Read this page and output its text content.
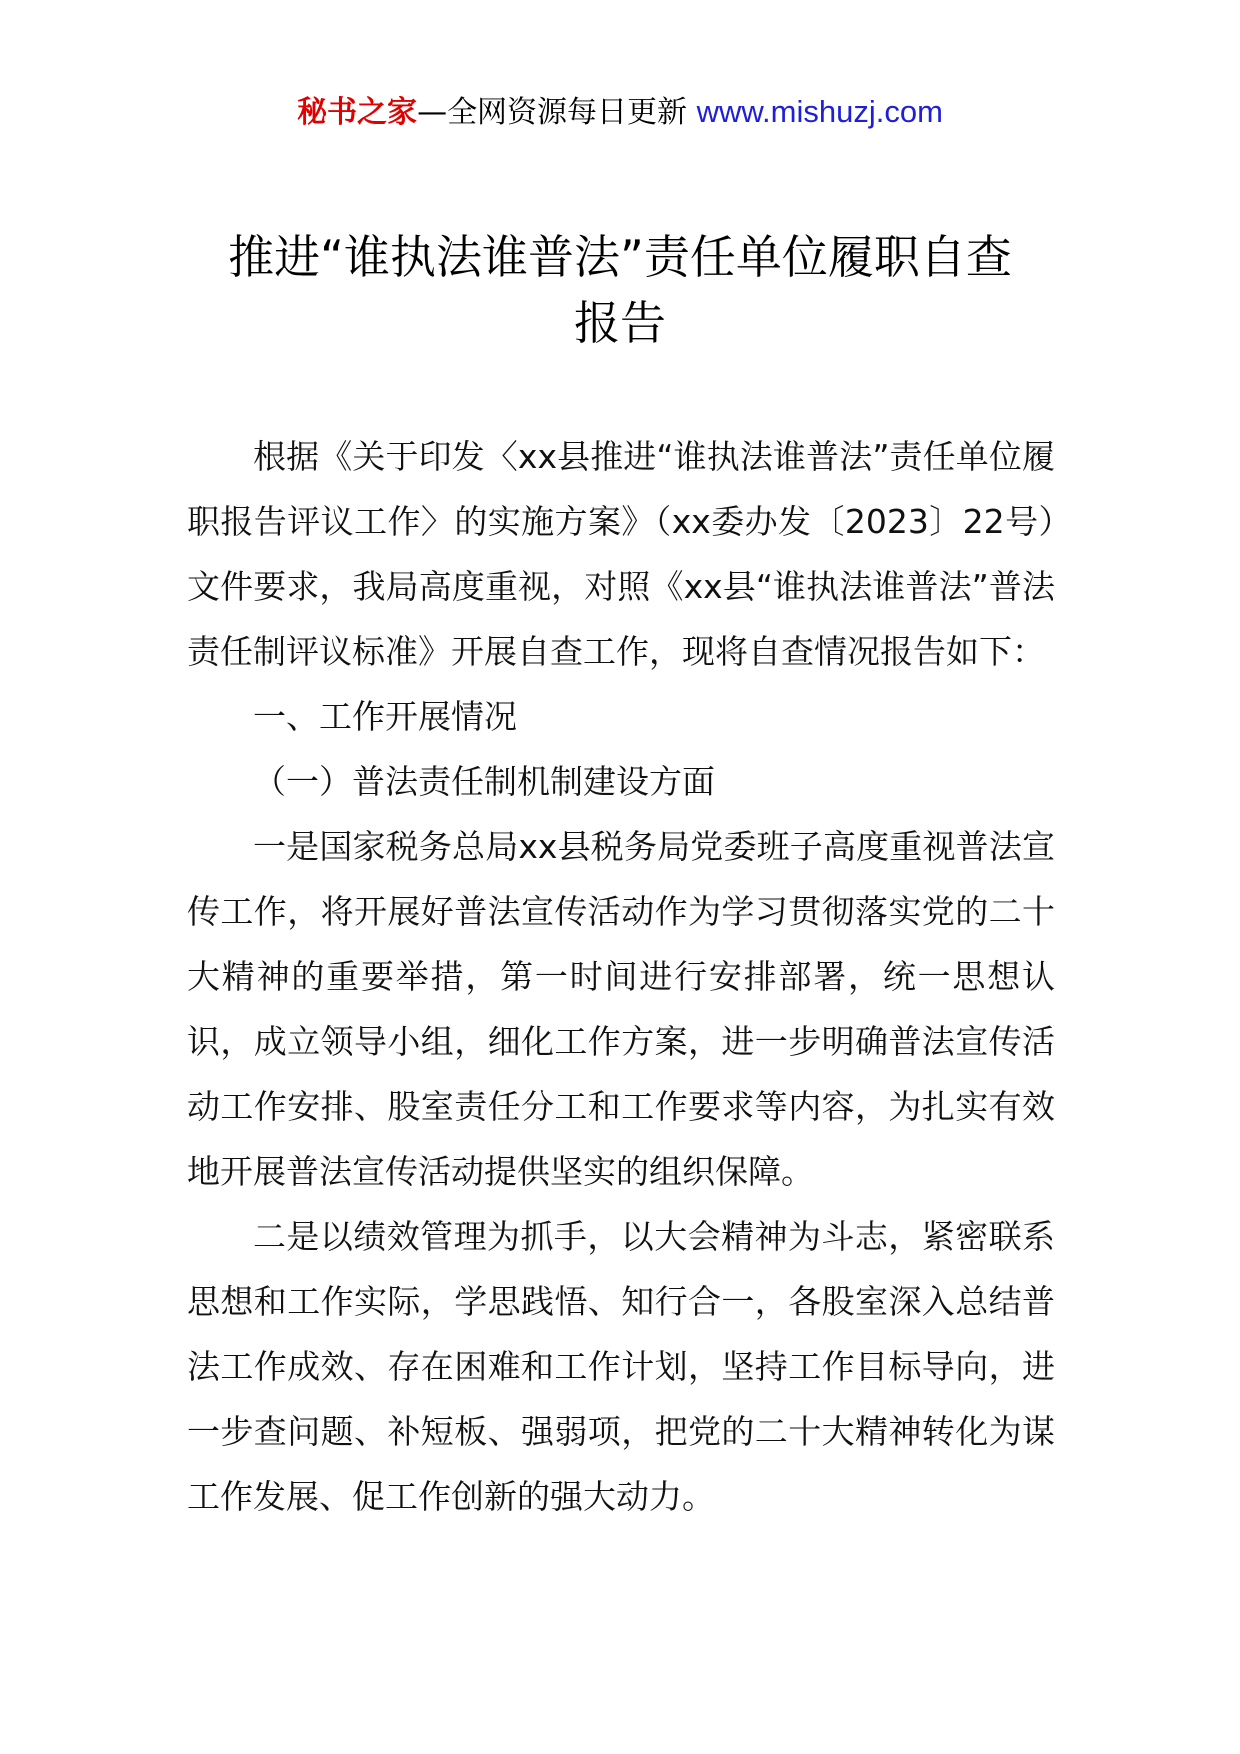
秘书之家—全网资源每日更新 www.mishuzj.com
推进“谁执法谁普法”责任单位履职自查
报告

根据《关于印发〈xx县推进“谁执法谁普法”责任单位履职报告评议工作〉的实施方案》（xx委办发〔2023〕22号）文件要求，我局高度重视，对照《xx县“谁执法谁普法”普法责任制评议标准》开展自查工作，现将自查情况报告如下：

一、工作开展情况

（一）普法责任制机制建设方面

一是国家税务总局xx县税务局党委班子高度重视普法宣传工作，将开展好普法宣传活动作为学习贯彻落实党的二十大精神的重要举措，第一时间进行安排部署，统一思想认识，成立领导小组，细化工作方案，进一步明确普法宣传活动工作安排、股室责任分工和工作要求等内容，为扎实有效地开展普法宣传活动提供坚实的组织保障。

二是以绩效管理为抓手，以大会精神为斗志，紧密联系思想和工作实际，学思践悟、知行合一，各股室深入总结普法工作成效、存在困难和工作计划，坚持工作目标导向，进一步查问题、补短板、强弱项，把党的二十大精神转化为谋工作发展、促工作创新的强大动力。
